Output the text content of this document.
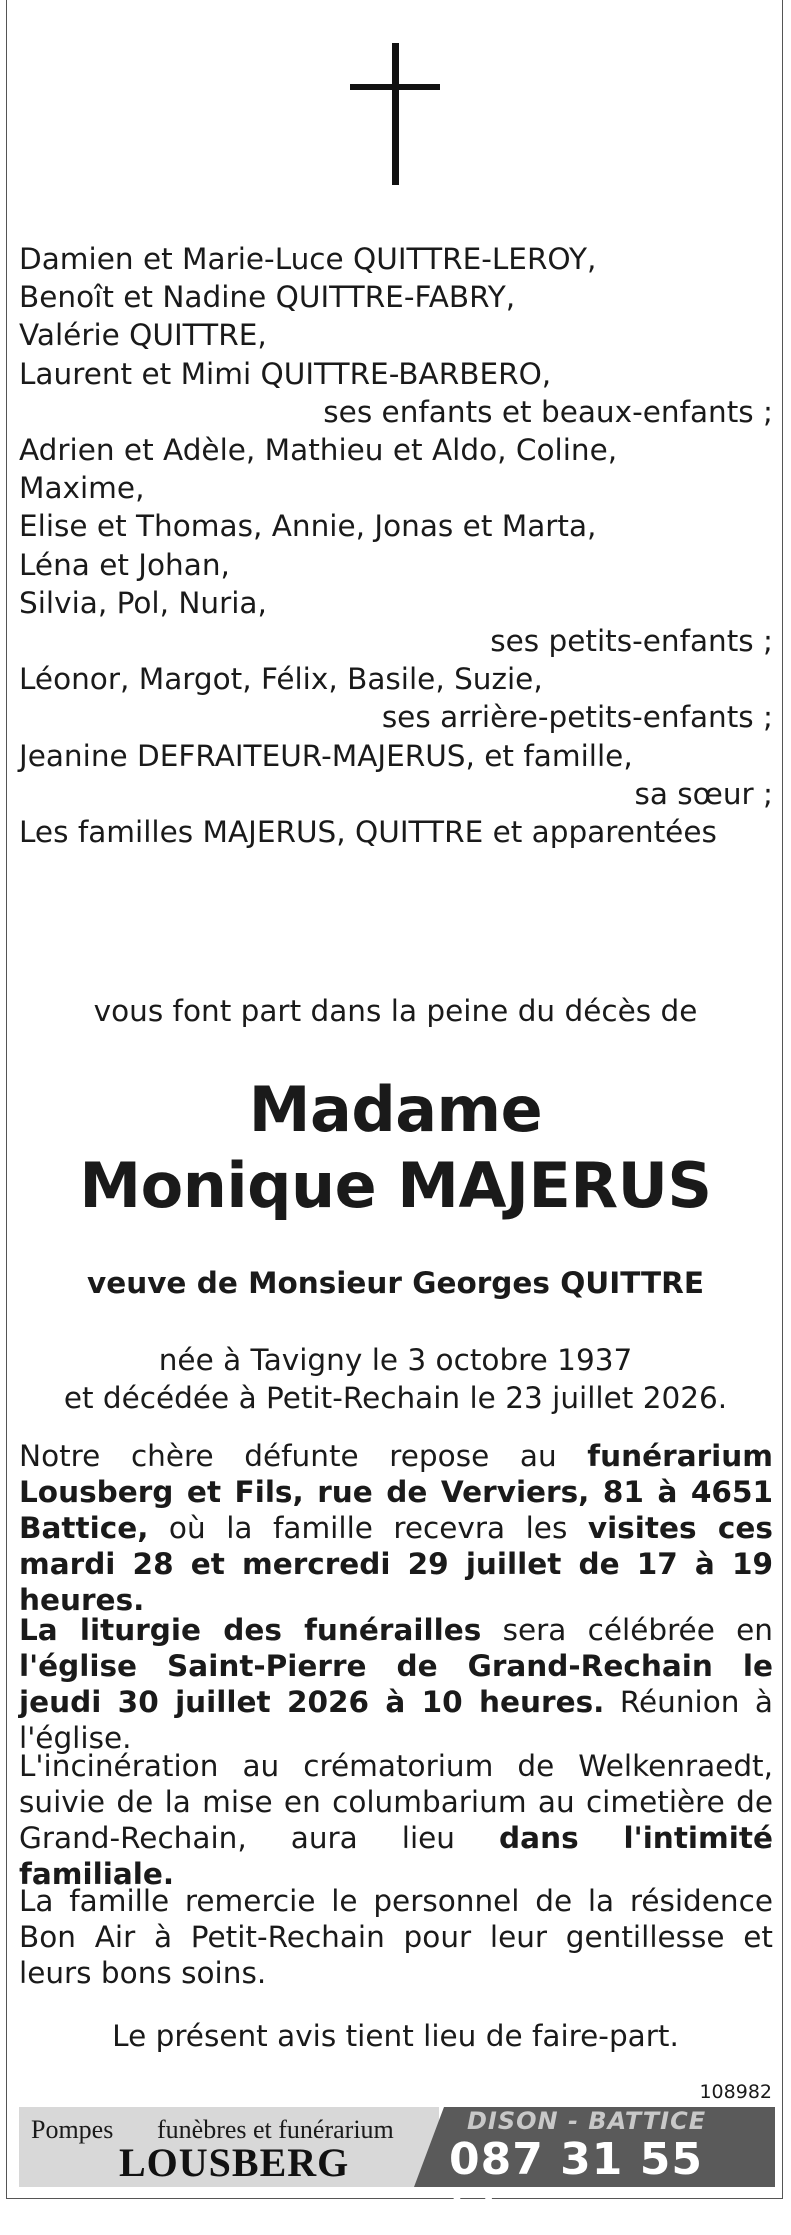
Damien et Marie-Luce QUITTRE-LEROY,
Benoît et Nadine QUITTRE-FABRY,
Valérie QUITTRE,
Laurent et Mimi QUITTRE-BARBERO,
ses enfants et beaux-enfants ;
Adrien et Adèle, Mathieu et Aldo, Coline,
Maxime,
Elise et Thomas, Annie, Jonas et Marta,
Léna et Johan,
Silvia, Pol, Nuria,
ses petits-enfants ;
Léonor, Margot, Félix, Basile, Suzie,
ses arrière-petits-enfants ;
Jeanine DEFRAITEUR-MAJERUS, et famille,
sa sœur ;
Les familles MAJERUS, QUITTRE et apparentées
vous font part dans la peine du décès de
Madame
Monique MAJERUS
veuve de Monsieur Georges QUITTRE
née à Tavigny le 3 octobre 1937
et décédée à Petit-Rechain le 23 juillet 2026.
Notre chère défunte repose au funérarium Lousberg et Fils, rue de Verviers, 81 à 4651 Battice, où la famille recevra les visites ces mardi 28 et mercredi 29 juillet de 17 à 19 heures.
La liturgie des funérailles sera célébrée en l'église Saint-Pierre de Grand-Rechain le jeudi 30 juillet 2026 à 10 heures. Réunion à l'église.
L'incinération au crématorium de Welkenraedt, suivie de la mise en columbarium au cimetière de Grand-Rechain, aura lieu dans l'intimité familiale.
La famille remercie le personnel de la résidence Bon Air à Petit-Rechain pour leur gentillesse et leurs bons soins.
Le présent avis tient lieu de faire-part.
108982
Pompes funèbres et funérarium
LOUSBERG
DISON - BATTICE
087 31 55 55
